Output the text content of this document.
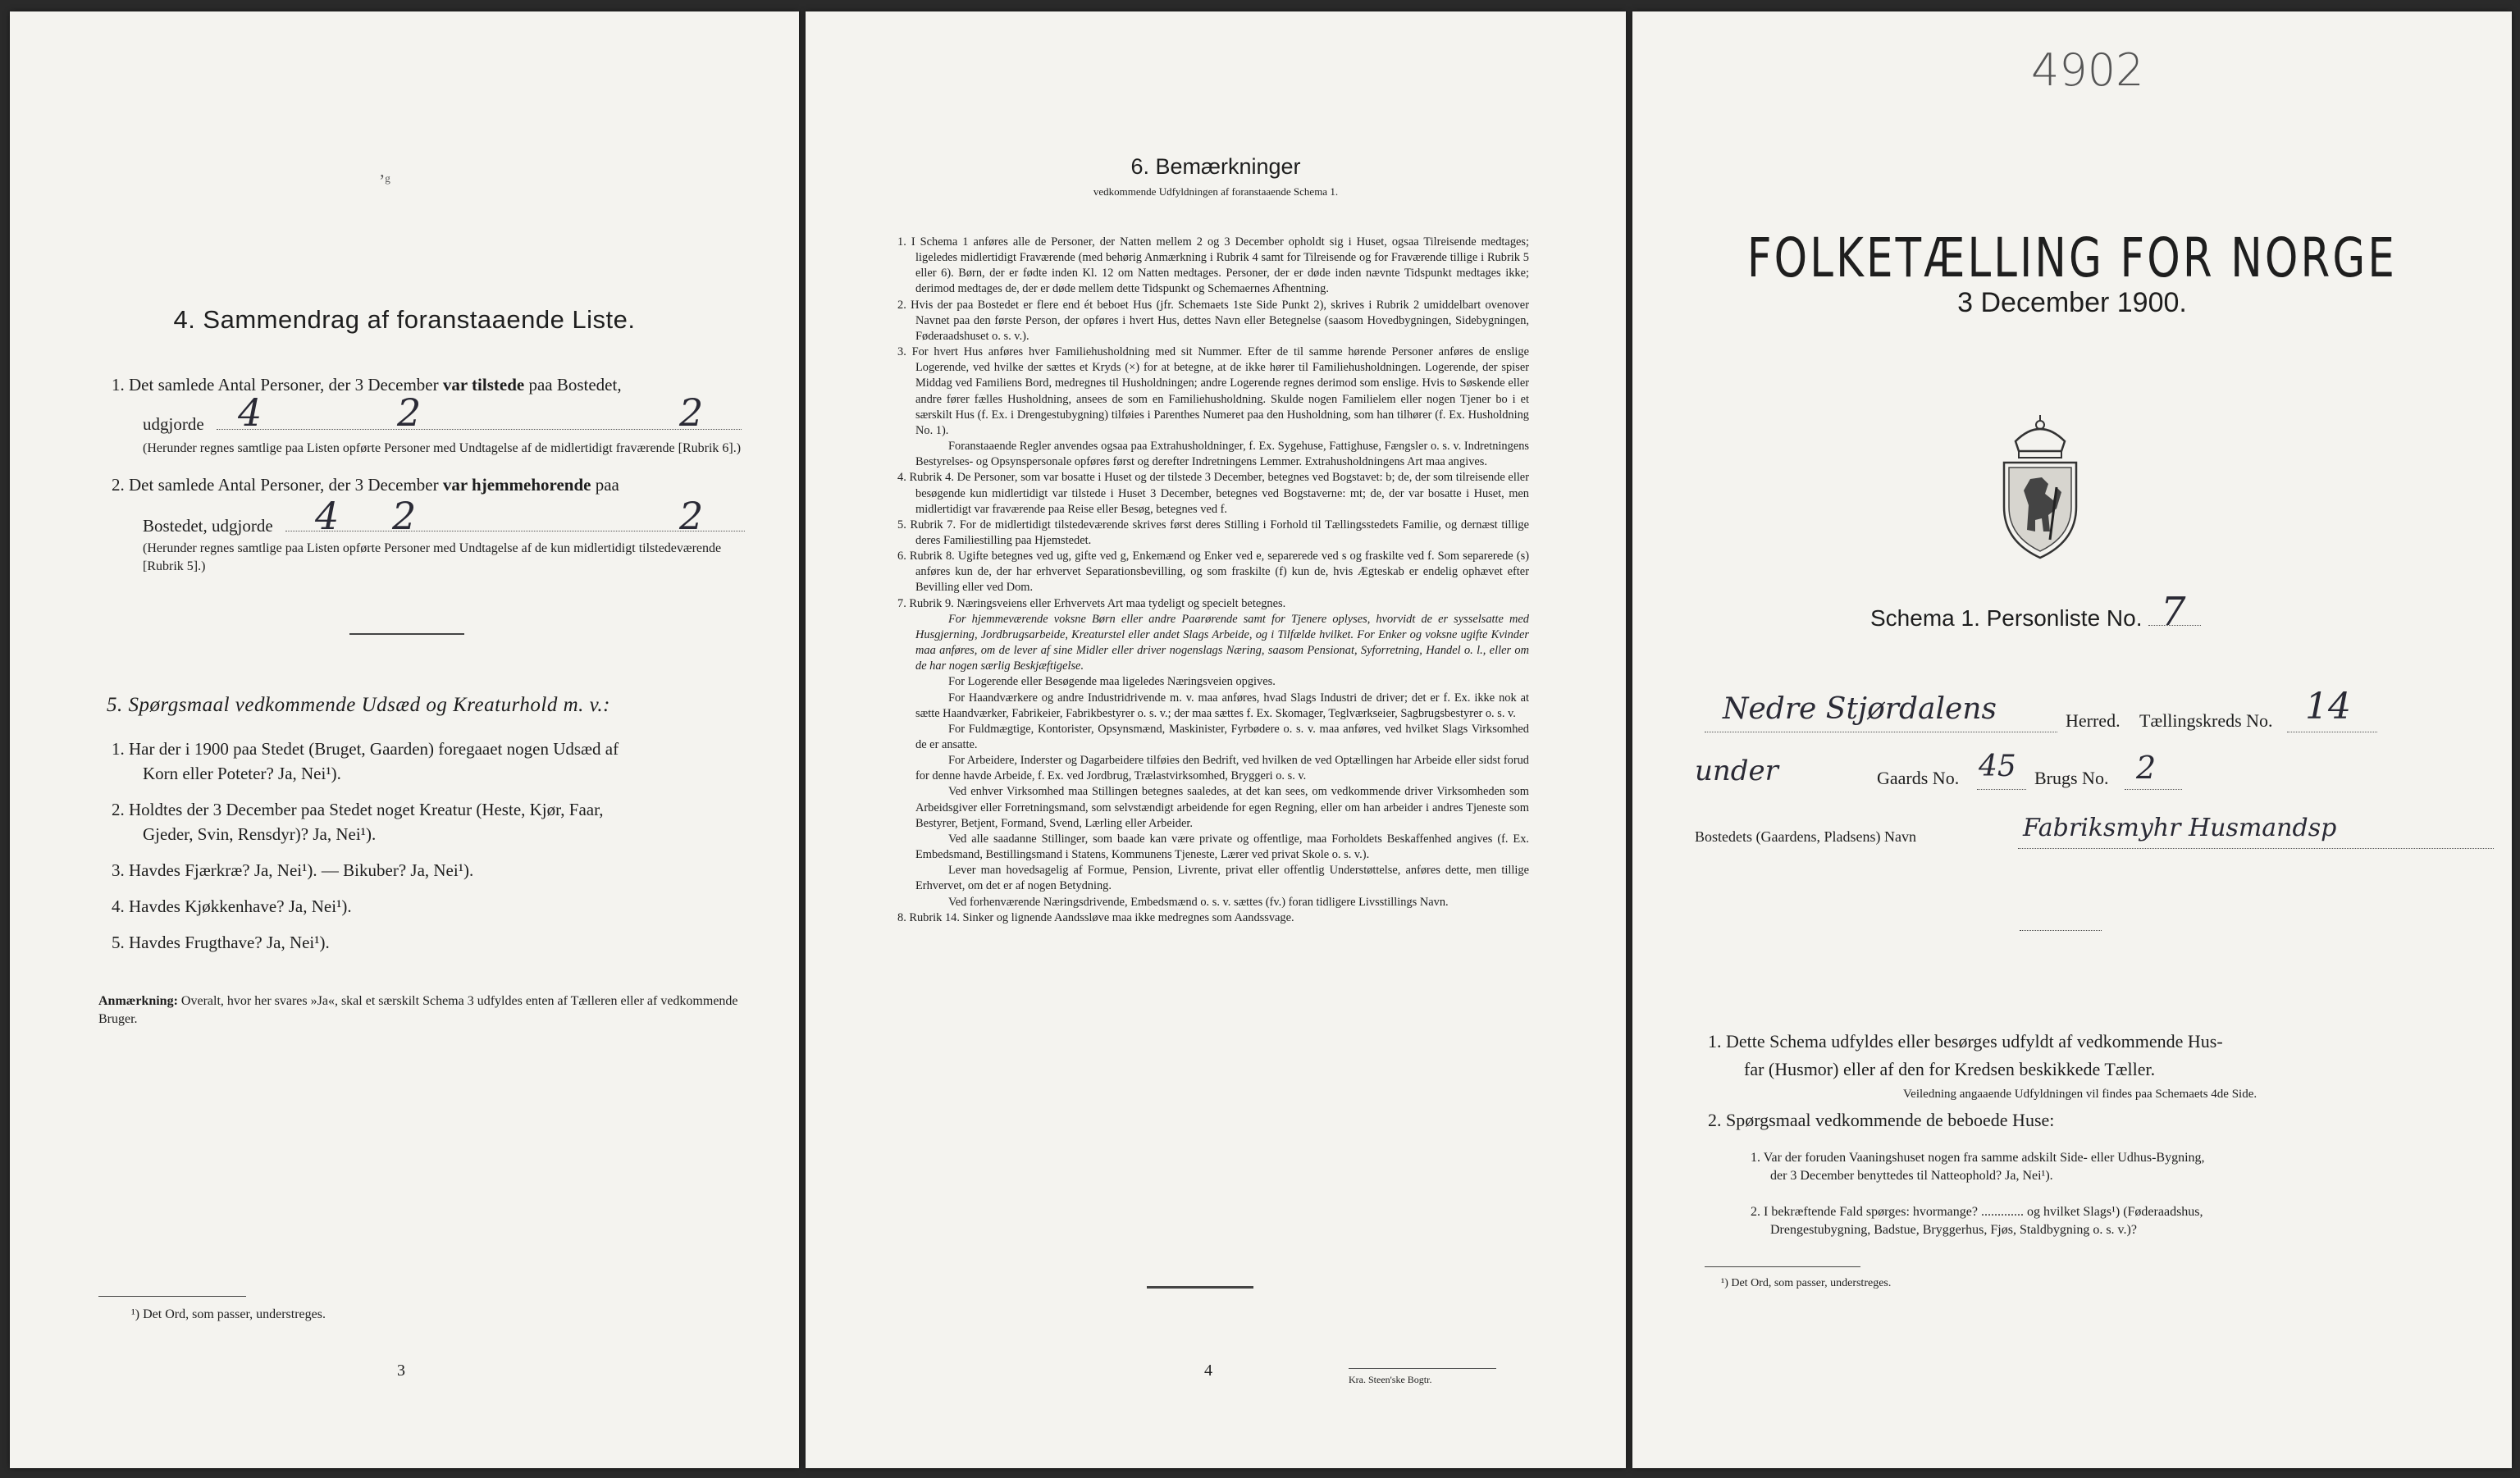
ʼᵍ
4. Sammendrag af foranstaaende Liste.
1. Det samlede Antal Personer, der 3 December var tilstede paa Bostedet,
udgjorde 4	2	2
(Herunder regnes samtlige paa Listen opførte Personer med Undtagelse af de midlertidigt fraværende [Rubrik 6].)
2. Det samlede Antal Personer, der 3 December var hjemmehorende paa
Bostedet, udgjorde	4 2	2
(Herunder regnes samtlige paa Listen opførte Personer med Undtagelse af de kun midlertidigt tilstedeværende [Rubrik 5].)
5. Spørgsmaal vedkommende Udsæd og Kreaturhold m. v.:
1. Har der i 1900 paa Stedet (Bruget, Gaarden) foregaaet nogen Udsæd af
Korn eller Poteter? Ja, Nei¹).
2. Holdtes der 3 December paa Stedet noget Kreatur (Heste, Kjør, Faar,
Gjeder, Svin, Rensdyr)? Ja, Nei¹).
3. Havdes Fjærkræ? Ja, Nei¹). — Bikuber? Ja, Nei¹).
4. Havdes Kjøkkenhave? Ja, Nei¹).
5. Havdes Frugthave? Ja, Nei¹).
Anmærkning: Overalt, hvor her svares »Ja«, skal et særskilt Schema 3 udfyldes enten af Tælleren eller af vedkommende Bruger.
¹) Det Ord, som passer, understreges.
3
6. Bemærkninger
vedkommende Udfyldningen af foranstaaende Schema 1.

1. I Schema 1 anføres alle de Personer, der Natten mellem 2 og 3 December opholdt sig i Huset, ogsaa Tilreisende medtages; ligeledes midlertidigt Fraværende (med behørig Anmærkning i Rubrik 4 samt for Tilreisende og for Fraværende tillige i Rubrik 5 eller 6). Børn, der er fødte inden Kl. 12 om Natten medtages. Personer, der er døde inden nævnte Tidspunkt medtages ikke; derimod medtages de, der er døde mellem dette Tidspunkt og Schemaernes Afhentning.

2. Hvis der paa Bostedet er flere end ét beboet Hus (jfr. Schemaets 1ste Side Punkt 2), skrives i Rubrik 2 umiddelbart ovenover Navnet paa den første Person, der opføres i hvert Hus, dettes Navn eller Betegnelse (saasom Hovedbygningen, Sidebygningen, Føderaadshuset o. s. v.).

3. For hvert Hus anføres hver Familiehusholdning med sit Nummer. Efter de til samme hørende Personer anføres de enslige Logerende, ved hvilke der sættes et Kryds (×) for at betegne, at de ikke hører til Familiehusholdningen. Logerende, der spiser Middag ved Familiens Bord, medregnes til Husholdningen; andre Logerende regnes derimod som enslige. Hvis to Søskende eller andre fører fælles Husholdning, ansees de som en Familiehusholdning. Skulde nogen Familielem eller nogen Tjener bo i et særskilt Hus (f. Ex. i Drengestubygning) tilføies i Parenthes Numeret paa den Husholdning, som han tilhører (f. Ex. Husholdning No. 1).

Foranstaaende Regler anvendes ogsaa paa Extrahusholdninger, f. Ex. Sygehuse, Fattighuse, Fængsler o. s. v. Indretningens Bestyrelses- og Opsynspersonale opføres først og derefter Indretningens Lemmer. Extrahusholdningens Art maa angives.

4. Rubrik 4. De Personer, som var bosatte i Huset og der tilstede 3 December, betegnes ved Bogstavet: b; de, der som tilreisende eller besøgende kun midlertidigt var tilstede i Huset 3 December, betegnes ved Bogstaverne: mt; de, der var bosatte i Huset, men midlertidigt var fraværende paa Reise eller Besøg, betegnes ved f.

5. Rubrik 7. For de midlertidigt tilstedeværende skrives først deres Stilling i Forhold til Tællingsstedets Familie, og dernæst tillige deres Familiestilling paa Hjemstedet.

6. Rubrik 8. Ugifte betegnes ved ug, gifte ved g, Enkemænd og Enker ved e, separerede ved s og fraskilte ved f. Som separerede (s) anføres kun de, der har erhvervet Separationsbevilling, og som fraskilte (f) kun de, hvis Ægteskab er endelig ophævet efter Bevilling eller ved Dom.

7. Rubrik 9. Næringsveiens eller Erhvervets Art maa tydeligt og specielt betegnes.

For hjemmeværende voksne Børn eller andre Paarørende samt for Tjenere oplyses, hvorvidt de er sysselsatte med Husgjerning, Jordbrugsarbeide, Kreaturstel eller andet Slags Arbeide, og i Tilfælde hvilket. For Enker og voksne ugifte Kvinder maa anføres, om de lever af sine Midler eller driver nogenslags Næring, saasom Pensionat, Syforretning, Handel o. l., eller om de har nogen særlig Beskjæftigelse.

For Logerende eller Besøgende maa ligeledes Næringsveien opgives.

For Haandværkere og andre Industridrivende m. v. maa anføres, hvad Slags Industri de driver; det er f. Ex. ikke nok at sætte Haandværker, Fabrikeier, Fabrikbestyrer o. s. v.; der maa sættes f. Ex. Skomager, Teglværkseier, Sagbrugsbestyrer o. s. v.

For Fuldmægtige, Kontorister, Opsynsmænd, Maskinister, Fyrbødere o. s. v. maa anføres, ved hvilket Slags Virksomhed de er ansatte.

For Arbeidere, Inderster og Dagarbeidere tilføies den Bedrift, ved hvilken de ved Optællingen har Arbeide eller sidst forud for denne havde Arbeide, f. Ex. ved Jordbrug, Trælastvirksomhed, Bryggeri o. s. v.

Ved enhver Virksomhed maa Stillingen betegnes saaledes, at det kan sees, om vedkommende driver Virksomheden som Arbeidsgiver eller Forretningsmand, som selvstændigt arbeidende for egen Regning, eller om han arbeider i andres Tjeneste som Bestyrer, Betjent, Formand, Svend, Lærling eller Arbeider.

Ved alle saadanne Stillinger, som baade kan være private og offentlige, maa Forholdets Beskaffenhed angives (f. Ex. Embedsmand, Bestillingsmand i Statens, Kommunens Tjeneste, Lærer ved privat Skole o. s. v.).

Lever man hovedsagelig af Formue, Pension, Livrente, privat eller offentlig Understøttelse, anføres dette, men tillige Erhvervet, om det er af nogen Betydning.

Ved forhenværende Næringsdrivende, Embedsmænd o. s. v. sættes (fv.) foran tidligere Livsstillings Navn.

8. Rubrik 14. Sinker og lignende Aandssløve maa ikke medregnes som Aandssvage.

4	Kra. Steen'ske Bogtr.
4902
FOLKETÆLLING FOR NORGE
3 December 1900.
Schema 1. Personliste No. 7
Nedre Stjørdalens	Herred. Tællingskreds No. 14
under	Gaards No. 45 Brugs No. 2
Bostedets (Gaardens, Pladsens) Navn	Fabriksmyhr Husmandsp
1. Dette Schema udfyldes eller besørges udfyldt af vedkommende Hus-
far (Husmor) eller af den for Kredsen beskikkede Tæller.
Veiledning angaaende Udfyldningen vil findes paa Schemaets 4de Side.
2. Spørgsmaal vedkommende de beboede Huse:
1. Var der foruden Vaaningshuset nogen fra samme adskilt Side- eller Udhus-Bygning,
der 3 December benyttedes til Natteophold? Ja, Nei¹).
2. I bekræftende Fald spørges: hvormange? ............. og hvilket Slags¹) (Føderaadshus,
Drengestubygning, Badstue, Bryggerhus, Fjøs, Staldbygning o. s. v.)?
¹) Det Ord, som passer, understreges.
